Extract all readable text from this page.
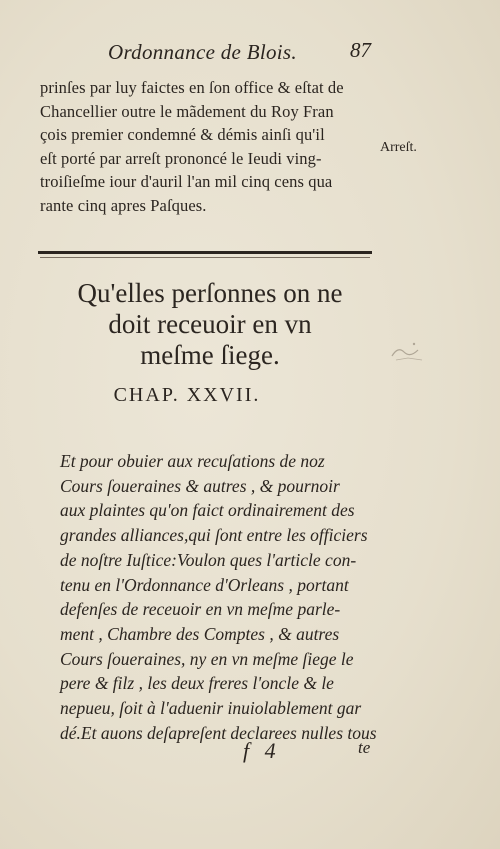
Ordonnance de Blois.	87
prinſes par luy faictes en ſon office & eſtat de
Chancellier outre le mãdement du Roy Fran
çois premier condemné & démis ainſi qu'il
eſt porté par arreſt prononcé le Ieudi ving-
troiſieſme iour d'auril l'an mil cinq cens qua
rante cinq apres Paſques.
Arreſt.
Qu'elles perſonnes on ne
doit receuoir en vn
meſme ſiege.
CHAP. XXVII.
Et pour obuier aux recuſations de noz
Cours ſoueraines & autres , & pournoir
aux plaintes qu'on faict ordinairement des
grandes alliances,qui ſont entre les officiers
de noſtre Iuſtice:Voulon ques l'article con-
tenu en l'Ordonnance d'Orleans , portant
defenſes de receuoir en vn meſme parle-
ment , Chambre des Comptes , & autres
Cours ſoueraines, ny en vn meſme ſiege le
pere & filz , les deux freres l'oncle & le
nepueu, ſoit à l'aduenir inuiolablement gar
dé.Et auons deſapreſent declarees nulles tous
f 4	te
